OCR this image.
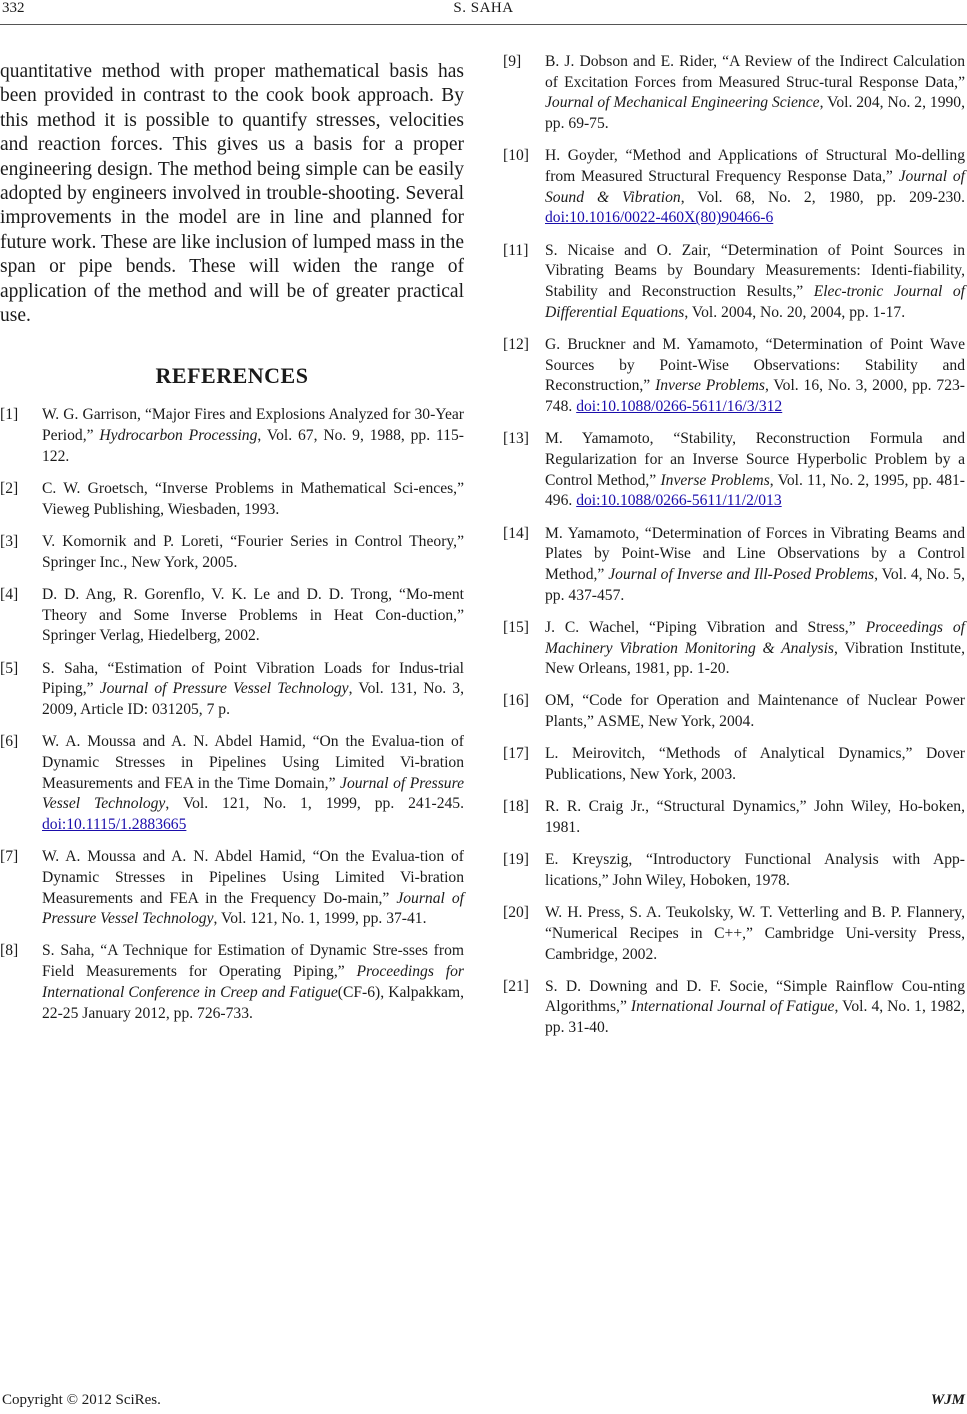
332	S. SAHA

quantitative method with proper mathematical basis has been provided in contrast to the cook book approach. By this method it is possible to quantify stresses, velocities and reaction forces. This gives us a basis for a proper engineering design. The method being simple can be easily adopted by engineers involved in trouble-shooting. Several improvements in the model are in line and planned for future work. These are like inclusion of lumped mass in the span or pipe bends. These will widen the range of application of the method and will be of greater practical use.

REFERENCES
[1] W. G. Garrison, “Major Fires and Explosions Analyzed for 30-Year Period,” Hydrocarbon Processing, Vol. 67, No. 9, 1988, pp. 115-122.
[2] C. W. Groetsch, “Inverse Problems in Mathematical Sci-ences,” Vieweg Publishing, Wiesbaden, 1993.
[3] V. Komornik and P. Loreti, “Fourier Series in Control Theory,” Springer Inc., New York, 2005.
[4] D. D. Ang, R. Gorenflo, V. K. Le and D. D. Trong, “Mo-ment Theory and Some Inverse Problems in Heat Con-duction,” Springer Verlag, Hiedelberg, 2002.
[5] S. Saha, “Estimation of Point Vibration Loads for Indus-trial Piping,” Journal of Pressure Vessel Technology, Vol. 131, No. 3, 2009, Article ID: 031205, 7 p.
[6] W. A. Moussa and A. N. Abdel Hamid, “On the Evalua-tion of Dynamic Stresses in Pipelines Using Limited Vi-bration Measurements and FEA in the Time Domain,” Journal of Pressure Vessel Technology, Vol. 121, No. 1, 1999, pp. 241-245. doi:10.1115/1.2883665
[7] W. A. Moussa and A. N. Abdel Hamid, “On the Evalua-tion of Dynamic Stresses in Pipelines Using Limited Vi-bration Measurements and FEA in the Frequency Do-main,” Journal of Pressure Vessel Technology, Vol. 121, No. 1, 1999, pp. 37-41.
[8] S. Saha, “A Technique for Estimation of Dynamic Stre-sses from Field Measurements for Operating Piping,” Proceedings for International Conference in Creep and Fatigue(CF-6), Kalpakkam, 22-25 January 2012, pp. 726-733.
[9] B. J. Dobson and E. Rider, “A Review of the Indirect Calculation of Excitation Forces from Measured Struc-tural Response Data,” Journal of Mechanical Engineering Science, Vol. 204, No. 2, 1990, pp. 69-75.
[10] H. Goyder, “Method and Applications of Structural Mo-delling from Measured Structural Frequency Response Data,” Journal of Sound & Vibration, Vol. 68, No. 2, 1980, pp. 209-230. doi:10.1016/0022-460X(80)90466-6
[11] S. Nicaise and O. Zair, “Determination of Point Sources in Vibrating Beams by Boundary Measurements: Identi-fiability, Stability and Reconstruction Results,” Elec-tronic Journal of Differential Equations, Vol. 2004, No. 20, 2004, pp. 1-17.
[12] G. Bruckner and M. Yamamoto, “Determination of Point Wave Sources by Point-Wise Observations: Stability and Reconstruction,” Inverse Problems, Vol. 16, No. 3, 2000, pp. 723-748. doi:10.1088/0266-5611/16/3/312
[13] M. Yamamoto, “Stability, Reconstruction Formula and Regularization for an Inverse Source Hyperbolic Problem by a Control Method,” Inverse Problems, Vol. 11, No. 2, 1995, pp. 481-496. doi:10.1088/0266-5611/11/2/013
[14] M. Yamamoto, “Determination of Forces in Vibrating Beams and Plates by Point-Wise and Line Observations by a Control Method,” Journal of Inverse and Ill-Posed Problems, Vol. 4, No. 5, pp. 437-457.
[15] J. C. Wachel, “Piping Vibration and Stress,” Proceedings of Machinery Vibration Monitoring & Analysis, Vibration Institute, New Orleans, 1981, pp. 1-20.
[16] OM, “Code for Operation and Maintenance of Nuclear Power Plants,” ASME, New York, 2004.
[17] L. Meirovitch, “Methods of Analytical Dynamics,” Dover Publications, New York, 2003.
[18] R. R. Craig Jr., “Structural Dynamics,” John Wiley, Ho-boken, 1981.
[19] E. Kreyszig, “Introductory Functional Analysis with App-lications,” John Wiley, Hoboken, 1978.
[20] W. H. Press, S. A. Teukolsky, W. T. Vetterling and B. P. Flannery, “Numerical Recipes in C++,” Cambridge Uni-versity Press, Cambridge, 2002.
[21] S. D. Downing and D. F. Socie, “Simple Rainflow Cou-nting Algorithms,” International Journal of Fatigue, Vol. 4, No. 1, 1982, pp. 31-40.
Copyright © 2012 SciRes.	WJM
